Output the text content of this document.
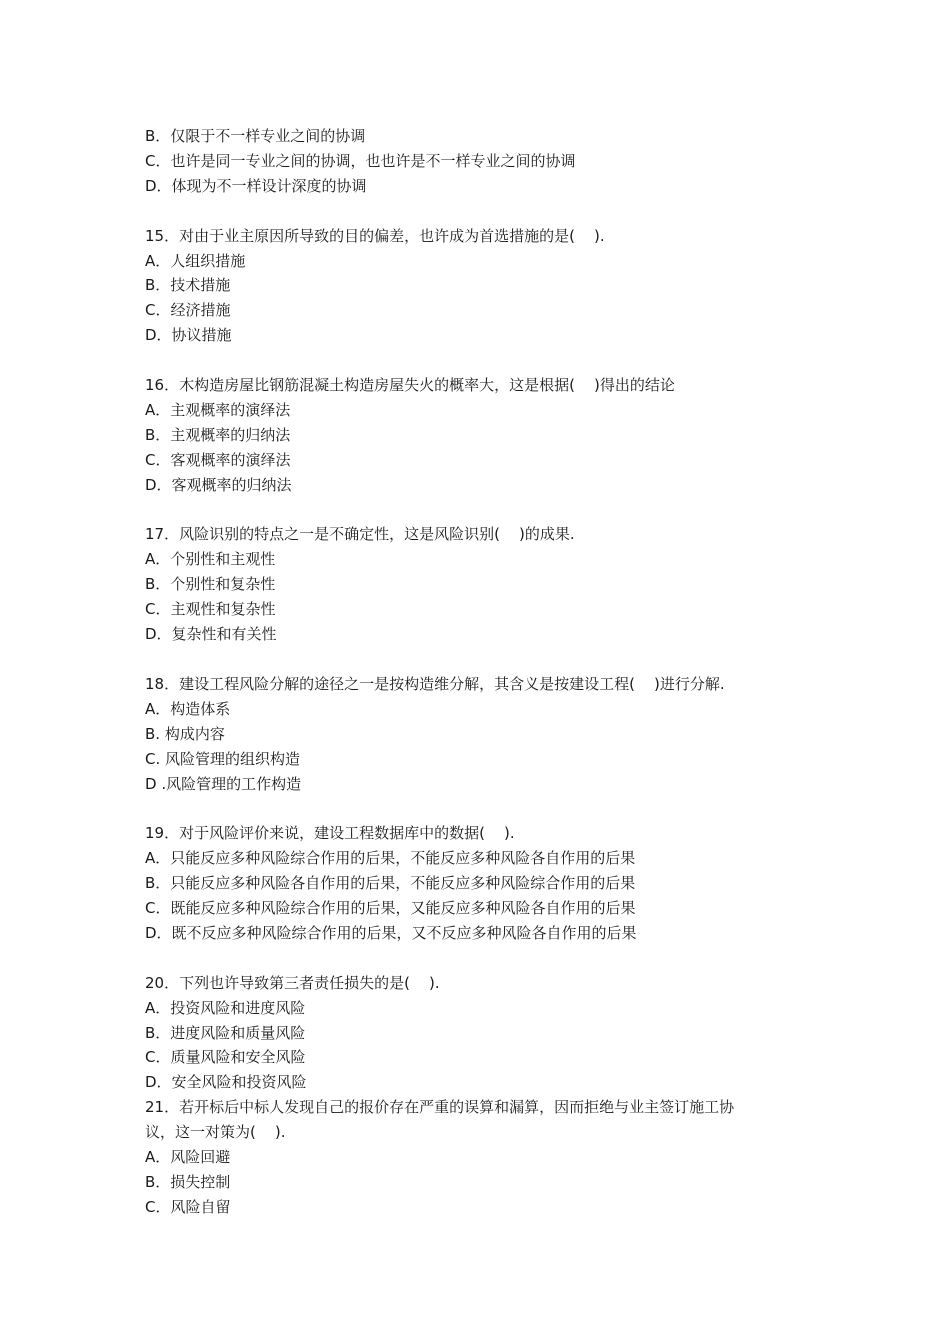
B．仅限于不一样专业之间的协调

C．也许是同一专业之间的协调，也也许是不一样专业之间的协调

D．体现为不一样设计深度的协调

15．对由于业主原因所导致的目的偏差，也许成为首选措施的是(    ).

A．人组织措施

B．技术措施

C．经济措施

D．协议措施

16．木构造房屋比钢筋混凝土构造房屋失火的概率大，这是根据(    )得出的结论

A．主观概率的演绎法

B．主观概率的归纳法

C．客观概率的演绎法

D．客观概率的归纳法

17．风险识别的特点之一是不确定性，这是风险识别(    )的成果.

A．个别性和主观性

B．个别性和复杂性

C．主观性和复杂性

D．复杂性和有关性

18．建设工程风险分解的途径之一是按构造维分解，其含义是按建设工程(    )进行分解.

A．构造体系

B. 构成内容

C. 风险管理的组织构造

D .风险管理的工作构造

19．对于风险评价来说，建设工程数据库中的数据(    ).

A．只能反应多种风险综合作用的后果，不能反应多种风险各自作用的后果

B．只能反应多种风险各自作用的后果，不能反应多种风险综合作用的后果

C．既能反应多种风险综合作用的后果，又能反应多种风险各自作用的后果

D．既不反应多种风险综合作用的后果，又不反应多种风险各自作用的后果

20．下列也许导致第三者责任损失的是(    ).

A．投资风险和进度风险

B．进度风险和质量风险

C．质量风险和安全风险

D．安全风险和投资风险

21．若开标后中标人发现自己的报价存在严重的误算和漏算，因而拒绝与业主签订施工协

议，这一对策为(    ).

A．风险回避

B．损失控制

C．风险自留
